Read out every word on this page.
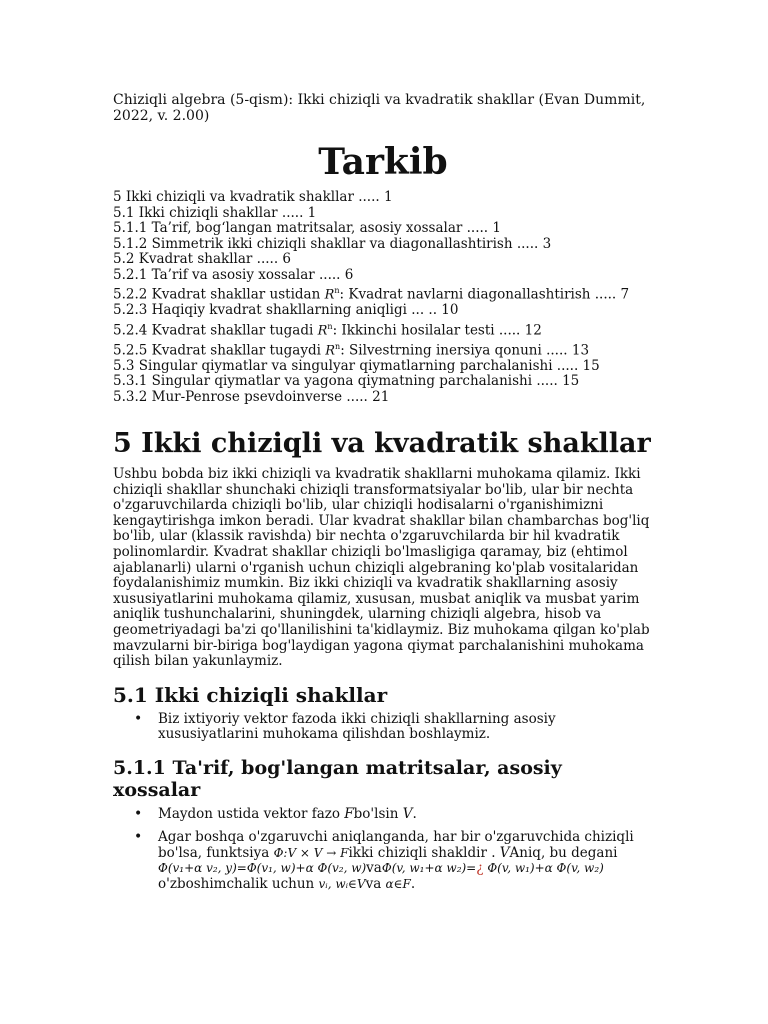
Chiziqli algebra (5-qism): Ikki chiziqli va kvadratik shakllar (Evan Dummit, 2022, v. 2.00)

Tarkib
5 Ikki chiziqli va kvadratik shakllar ..... 1
5.1 Ikki chiziqli shakllar ..... 1
5.1.1 Ta’rif, bog‘langan matritsalar, asosiy xossalar ..... 1
5.1.2 Simmetrik ikki chiziqli shakllar va diagonallashtirish ..... 3
5.2 Kvadrat shakllar ..... 6
5.2.1 Ta’rif va asosiy xossalar ..... 6
5.2.2 Kvadrat shakllar ustidan $R^n$: Kvadrat navlarni diagonallashtirish ..... 7
5.2.3 Haqiqiy kvadrat shakllarning aniqligi ... .. 10
5.2.4 Kvadrat shakllar tugadi $R^n$: Ikkinchi hosilalar testi ..... 12
5.2.5 Kvadrat shakllar tugaydi $R^n$: Silvestrning inersiya qonuni ..... 13
5.3 Singular qiymatlar va singulyar qiymatlarning parchalanishi ..... 15
5.3.1 Singular qiymatlar va yagona qiymatning parchalanishi ..... 15
5.3.2 Mur-Penrose psevdoinverse ..... 21
5 Ikki chiziqli va kvadratik shakllar

Ushbu bobda biz ikki chiziqli va kvadratik shakllarni muhokama qilamiz. Ikki chiziqli shakllar shunchaki chiziqli transformatsiyalar bo'lib, ular bir nechta o'zgaruvchilarda chiziqli bo'lib, ular chiziqli hodisalarni o'rganishimizni kengaytirishga imkon beradi. Ular kvadrat shakllar bilan chambarchas bog'liq bo'lib, ular (klassik ravishda) bir nechta o'zgaruvchilarda bir hil kvadratik polinomlardir. Kvadrat shakllar chiziqli bo'lmasligiga qaramay, biz (ehtimol ajablanarli) ularni o'rganish uchun chiziqli algebraning ko'plab vositalaridan foydalanishimiz mumkin. Biz ikki chiziqli va kvadratik shakllarning asosiy xususiyatlarini muhokama qilamiz, xususan, musbat aniqlik va musbat yarim aniqlik tushunchalarini, shuningdek, ularning chiziqli algebra, hisob va geometriyadagi ba'zi qo'llanilishini ta'kidlaymiz. Biz muhokama qilgan ko'plab mavzularni bir-biriga bog'laydigan yagona qiymat parchalanishini muhokama qilish bilan yakunlaymiz.

5.1 Ikki chiziqli shakllar
• Biz ixtiyoriy vektor fazoda ikki chiziqli shakllarning asosiy xususiyatlarini muhokama qilishdan boshlaymiz.
5.1.1 Ta'rif, bog'langan matritsalar, asosiy xossalar
• Maydon ustida vektor fazo Fbo'lsin V.
• Agar boshqa o'zgaruvchi aniqlanganda, har bir o'zgaruvchida chiziqli bo'lsa, funktsiya Φ:V × V → Fikki chiziqli shakldir . VAniq, bu degani
Φ(v₁+α v₂, y)=Φ(v₁, w)+α Φ(v₂, w)vaΦ(v, w₁+α w₂)=¿ Φ(v, w₁)+α Φ(v, w₂)
o'zboshimchalik uchun vᵢ, wᵢ∈Vva α∈F.
